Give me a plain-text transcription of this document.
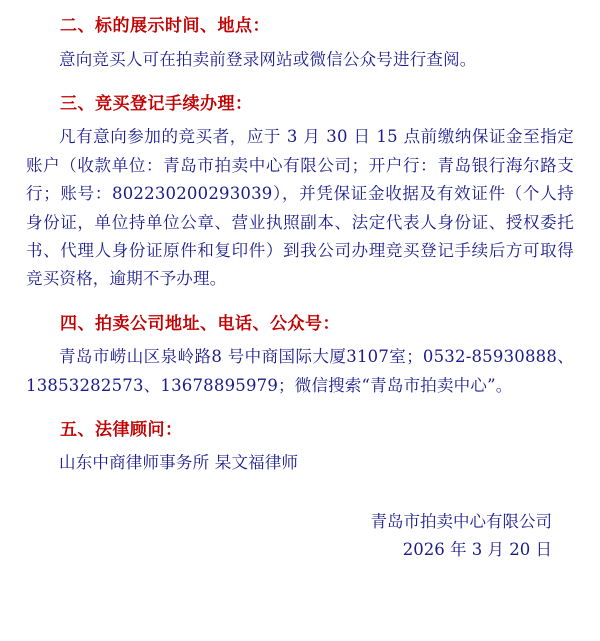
二、标的展示时间、地点：

意向竞买人可在拍卖前登录网站或微信公众号进行查阅。

三、竞买登记手续办理：

凡有意向参加的竞买者，应于 3 月 30 日 15 点前缴纳保证金至指定账户（收款单位：青岛市拍卖中心有限公司；开户行：青岛银行海尔路支行；账号：802230200293039），并凭保证金收据及有效证件（个人持身份证，单位持单位公章、营业执照副本、法定代表人身份证、授权委托书、代理人身份证原件和复印件）到我公司办理竞买登记手续后方可取得竞买资格，逾期不予办理。

四、拍卖公司地址、电话、公众号：

青岛市崂山区泉岭路8 号中商国际大厦3107室；0532-85930888、13853282573、13678895979；微信搜索“青岛市拍卖中心”。

五、法律顾问：

山东中商律师事务所 杲文福律师

青岛市拍卖中心有限公司
2026 年 3 月 20 日
